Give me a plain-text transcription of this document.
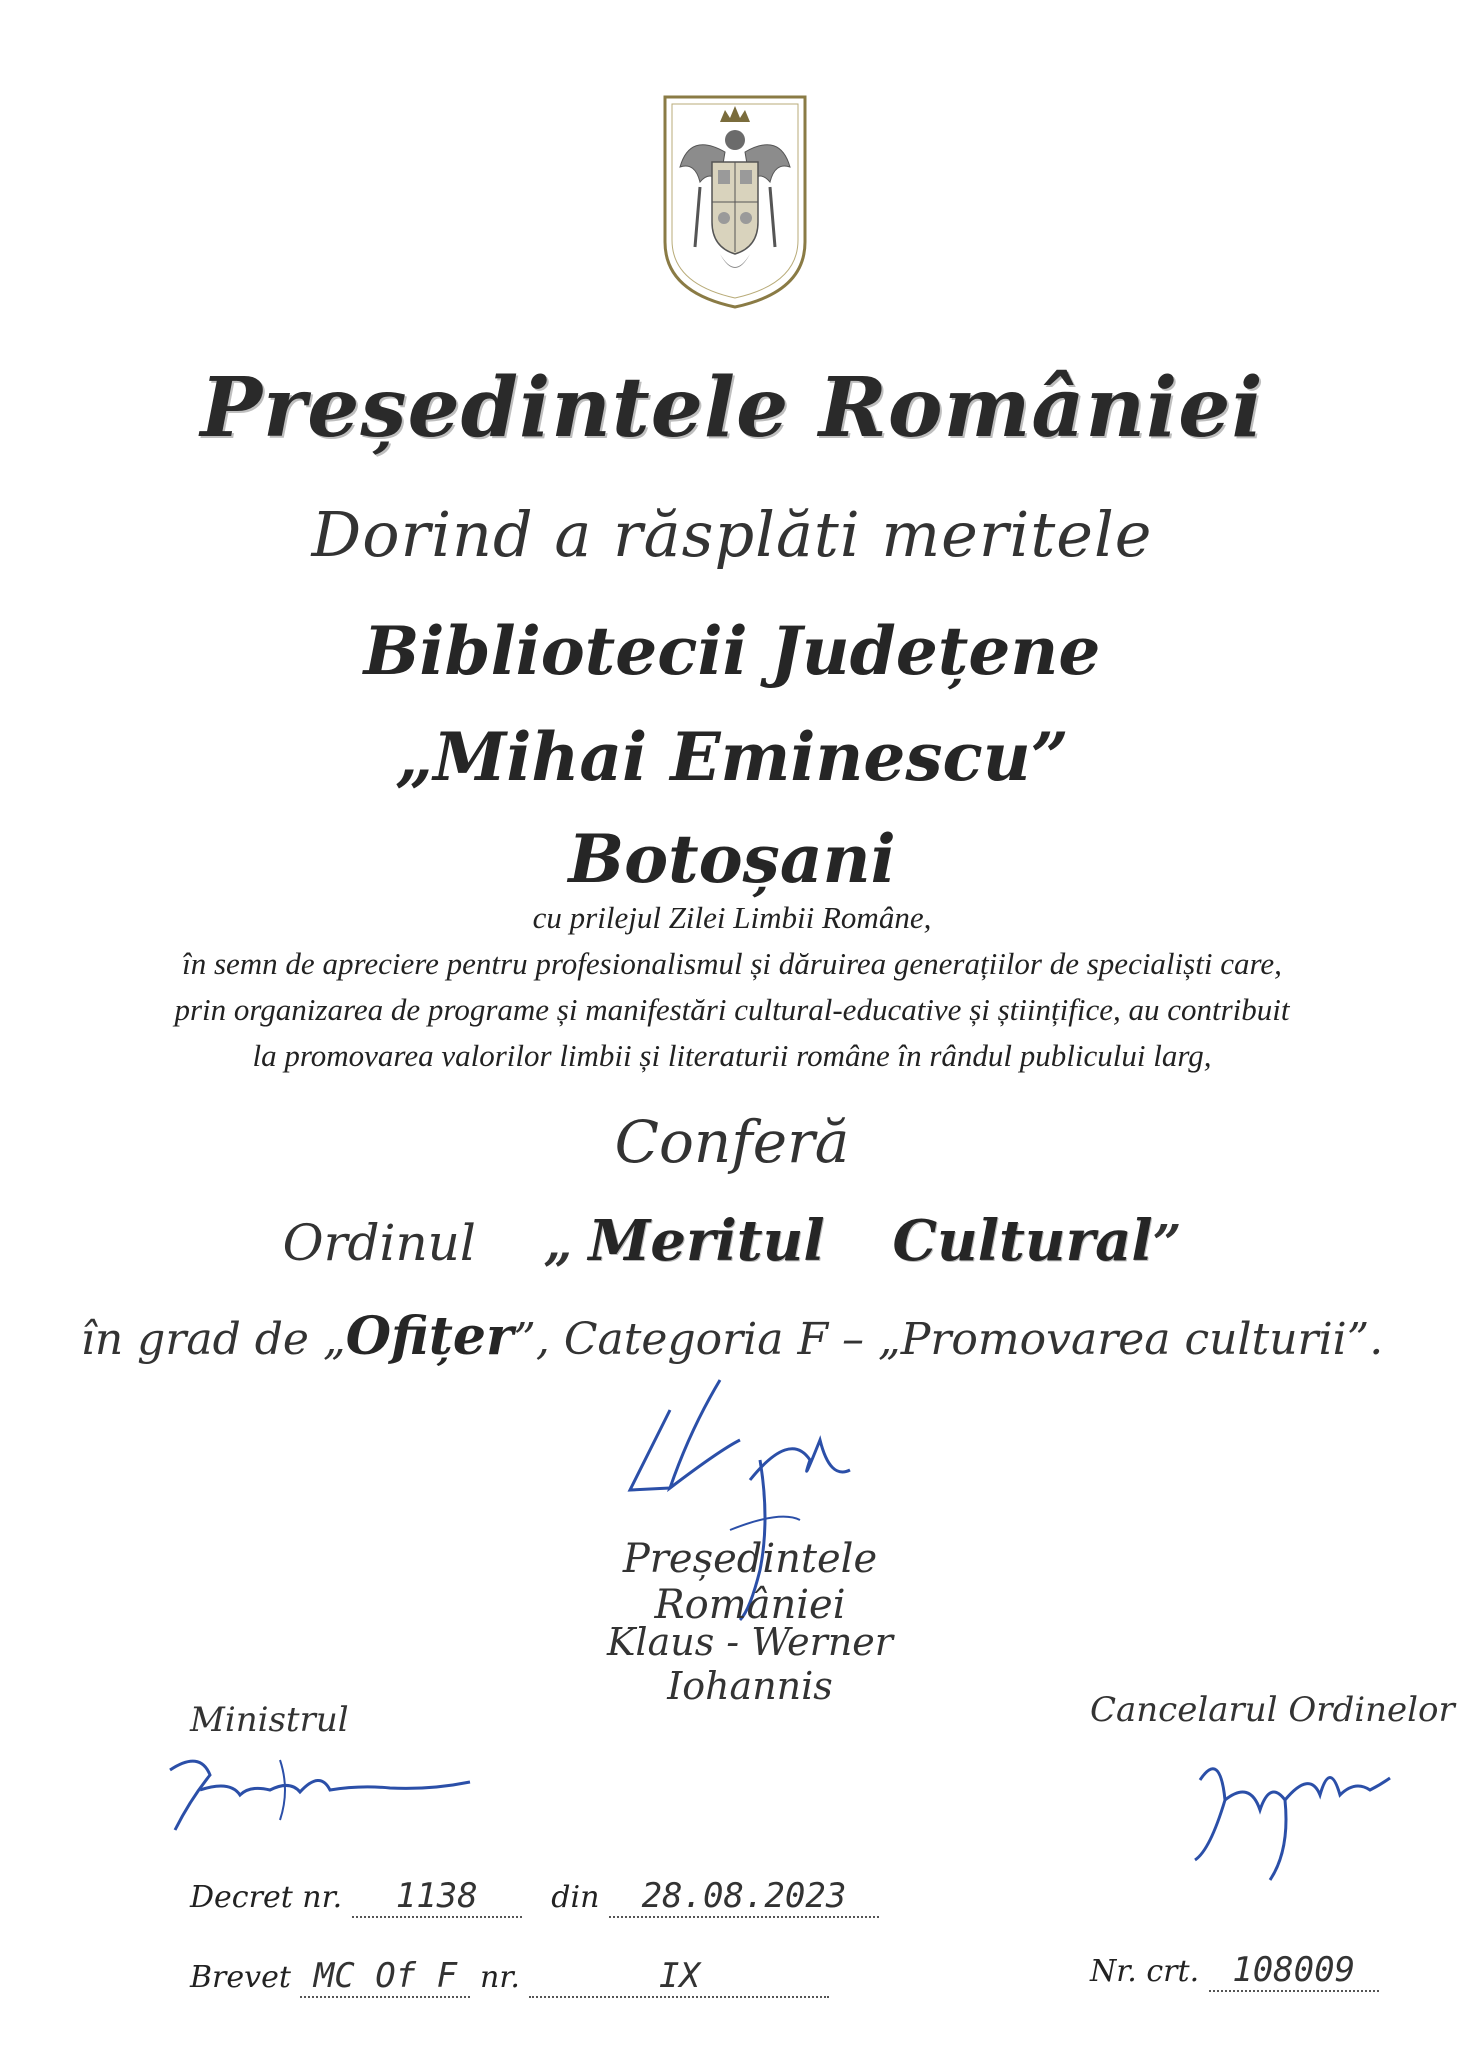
Președintele României
Dorind a răsplăti meritele
Bibliotecii Județene
„Mihai Eminescu”
Botoșani
cu prilejul Zilei Limbii Române,
în semn de apreciere pentru profesionalismul și dăruirea generațiilor de specialiști care,
prin organizarea de programe și manifestări cultural-educative și științifice, au contribuit
la promovarea valorilor limbii și literaturii române în rândul publicului larg,
Conferă
Ordinul „ Meritul Cultural”
în grad de „Ofițer”, Categoria F – „Promovarea culturii”.
Președintele României
Klaus - Werner Iohannis
Ministrul	Cancelarul Ordinelor
Decret nr. 1138 din 28.08.2023
Brevet MC Of F nr.	IX	Nr. crt. 108009
